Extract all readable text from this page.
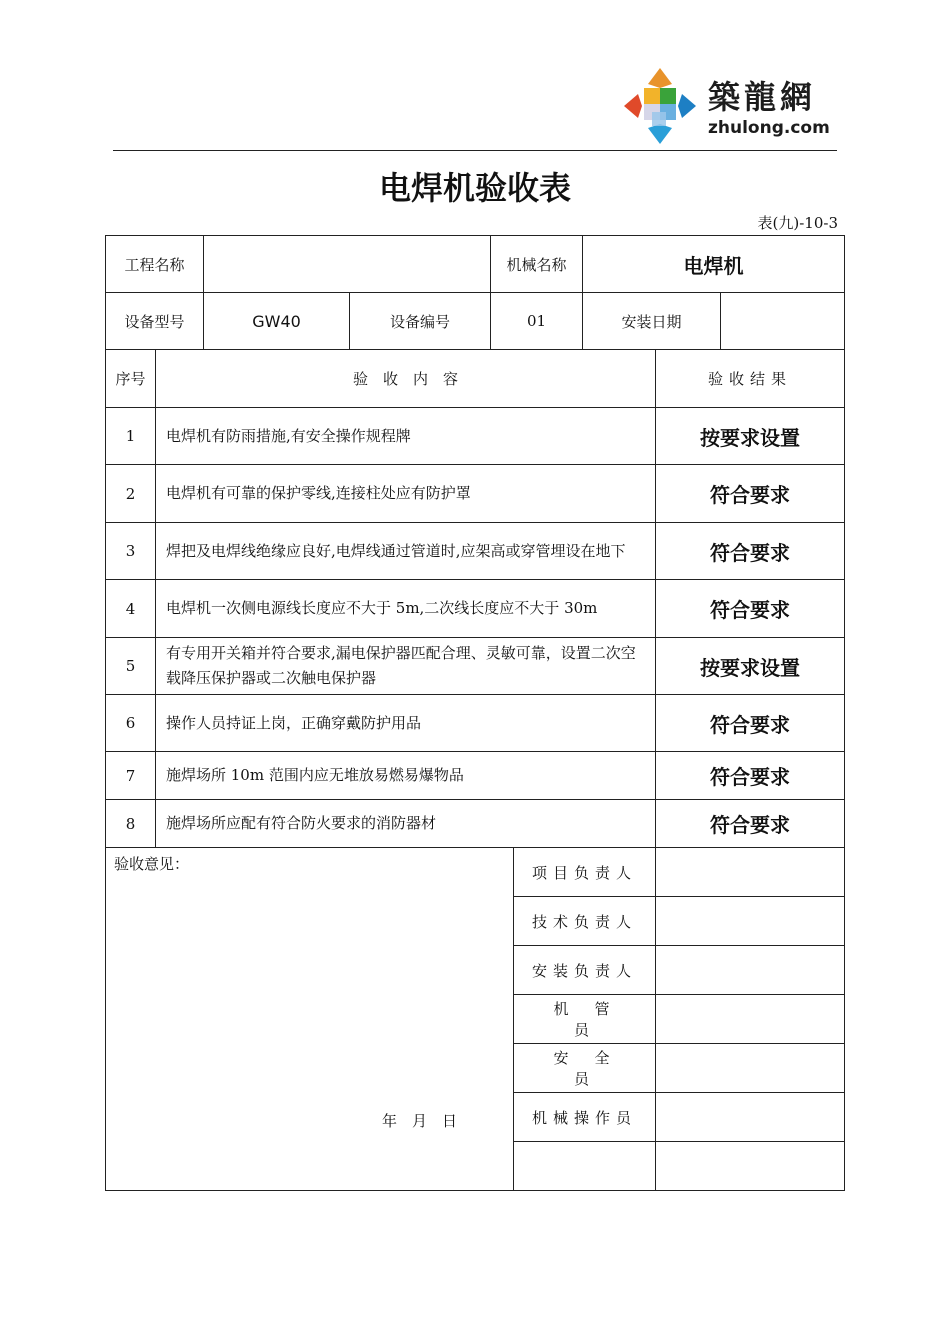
築龍網
zhulong.com
电焊机验收表
表(九)-10-3
工程名称				机械名称		电焊机		
设备型号		GW40	设备编号	01		安装日期		
序号	验　收　内　容						验收结果	
1	电焊机有防雨措施,有安全操作规程牌						按要求设置	
2	电焊机有可靠的保护零线,连接柱处应有防护罩						符合要求	
3	焊把及电焊线绝缘应良好,电焊线通过管道时,应架高或穿管埋设在地下						符合要求	
4	电焊机一次侧电源线长度应不大于 5m,二次线长度应不大于 30m						符合要求	
5	有专用开关箱并符合要求,漏电保护器匹配合理、灵敏可靠，设置二次空载降压保护器或二次触电保护器						按要求设置	
6	操作人员持证上岗，正确穿戴防护用品						符合要求	
7	施焊场所 10m 范围内应无堆放易燃易爆物品						符合要求	
8	施焊场所应配有符合防火要求的消防器材						符合要求	

验收意见：
年　月　日					项目负责人			
					技术负责人			
					安装负责人			
					机管员			
					安全员			
					机械操作员			
